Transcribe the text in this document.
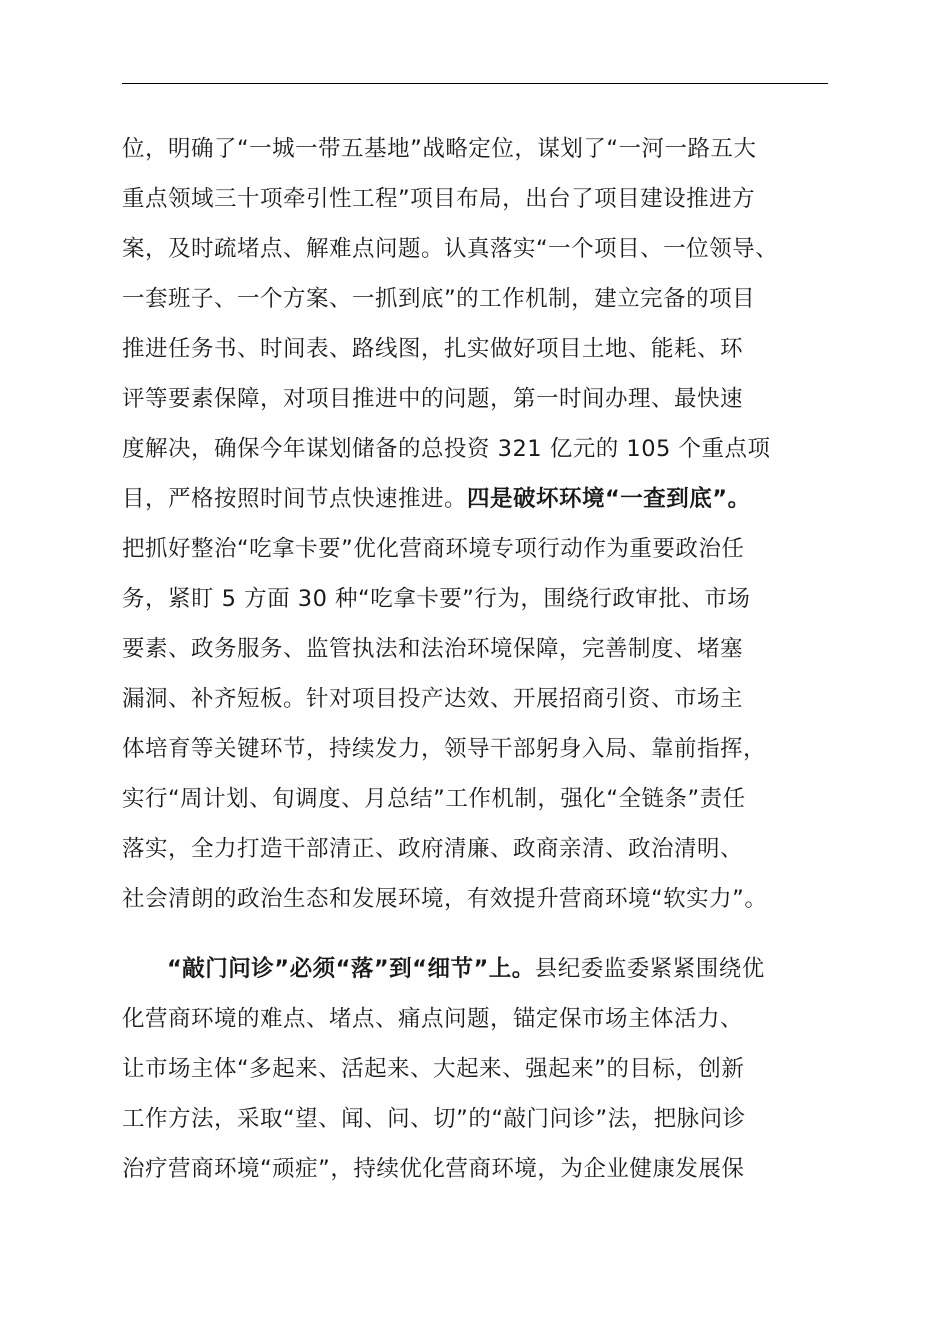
位，明确了“一城一带五基地”战略定位，谋划了“一河一路五大
重点领域三十项牵引性工程”项目布局，出台了项目建设推进方
案，及时疏堵点、解难点问题。认真落实“一个项目、一位领导、
一套班子、一个方案、一抓到底”的工作机制，建立完备的项目
推进任务书、时间表、路线图，扎实做好项目土地、能耗、环
评等要素保障，对项目推进中的问题，第一时间办理、最快速
度解决，确保今年谋划储备的总投资 321 亿元的 105 个重点项
目，严格按照时间节点快速推进。四是破坏环境“一查到底”。
把抓好整治“吃拿卡要”优化营商环境专项行动作为重要政治任
务，紧盯 5 方面 30 种“吃拿卡要”行为，围绕行政审批、市场
要素、政务服务、监管执法和法治环境保障，完善制度、堵塞
漏洞、补齐短板。针对项目投产达效、开展招商引资、市场主
体培育等关键环节，持续发力，领导干部躬身入局、靠前指挥，
实行“周计划、旬调度、月总结”工作机制，强化“全链条”责任
落实，全力打造干部清正、政府清廉、政商亲清、政治清明、
社会清朗的政治生态和发展环境，有效提升营商环境“软实力”。
“敲门问诊”必须“落”到“细节”上。县纪委监委紧紧围绕优
化营商环境的难点、堵点、痛点问题，锚定保市场主体活力、
让市场主体“多起来、活起来、大起来、强起来”的目标，创新
工作方法，采取“望、闻、问、切”的“敲门问诊”法，把脉问诊
治疗营商环境“顽症”，持续优化营商环境，为企业健康发展保
